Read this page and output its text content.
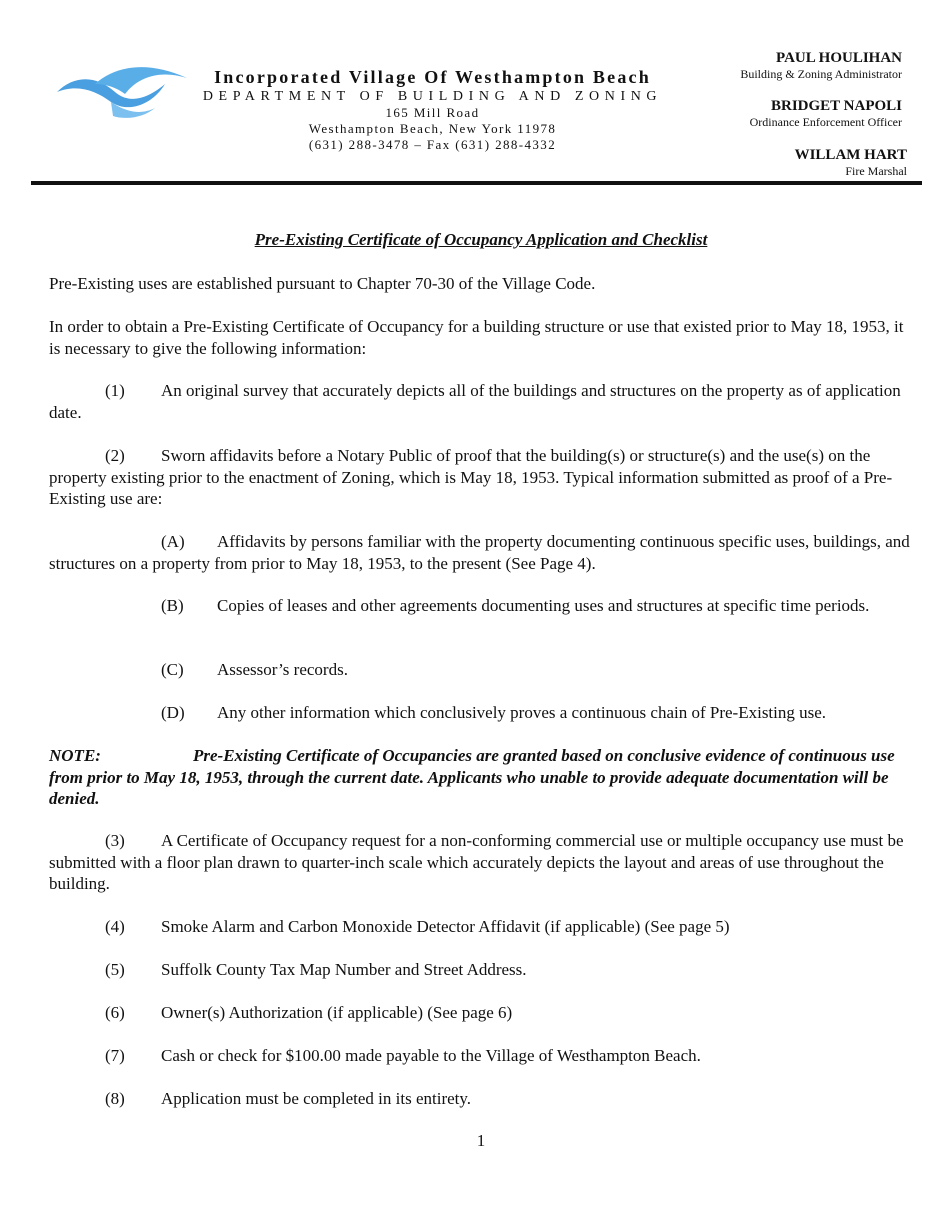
Incorporated Village Of Westhampton Beach
DEPARTMENT OF BUILDING AND ZONING
165 Mill Road
Westhampton Beach, New York 11978
(631) 288-3478 – Fax (631) 288-4332
PAUL HOULIHAN
Building & Zoning Administrator
BRIDGET NAPOLI
Ordinance Enforcement Officer
WILLAM HART
Fire Marshal
Pre-Existing Certificate of Occupancy Application and Checklist

Pre-Existing uses are established pursuant to Chapter 70-30 of the Village Code.

In order to obtain a Pre-Existing Certificate of Occupancy for a building structure or use that existed prior to May 18, 1953, it is necessary to give the following information:

(1) An original survey that accurately depicts all of the buildings and structures on the property as of application date.

(2) Sworn affidavits before a Notary Public of proof that the building(s) or structure(s) and the use(s) on the property existing prior to the enactment of Zoning, which is May 18, 1953. Typical information submitted as proof of a Pre-Existing use are:

(A) Affidavits by persons familiar with the property documenting continuous specific uses, buildings, and structures on a property from prior to May 18, 1953, to the present (See Page 4).

(B) Copies of leases and other agreements documenting uses and structures at specific time periods.

(C) Assessor’s records.

(D) Any other information which conclusively proves a continuous chain of Pre-Existing use.

NOTE:	Pre-Existing Certificate of Occupancies are granted based on conclusive evidence of continuous use from prior to May 18, 1953, through the current date. Applicants who unable to provide adequate documentation will be denied.

(3) A Certificate of Occupancy request for a non-conforming commercial use or multiple occupancy use must be submitted with a floor plan drawn to quarter-inch scale which accurately depicts the layout and areas of use throughout the building.

(4) Smoke Alarm and Carbon Monoxide Detector Affidavit (if applicable) (See page 5)

(5) Suffolk County Tax Map Number and Street Address.

(6) Owner(s) Authorization (if applicable) (See page 6)

(7) Cash or check for $100.00 made payable to the Village of Westhampton Beach.

(8) Application must be completed in its entirety.

1
